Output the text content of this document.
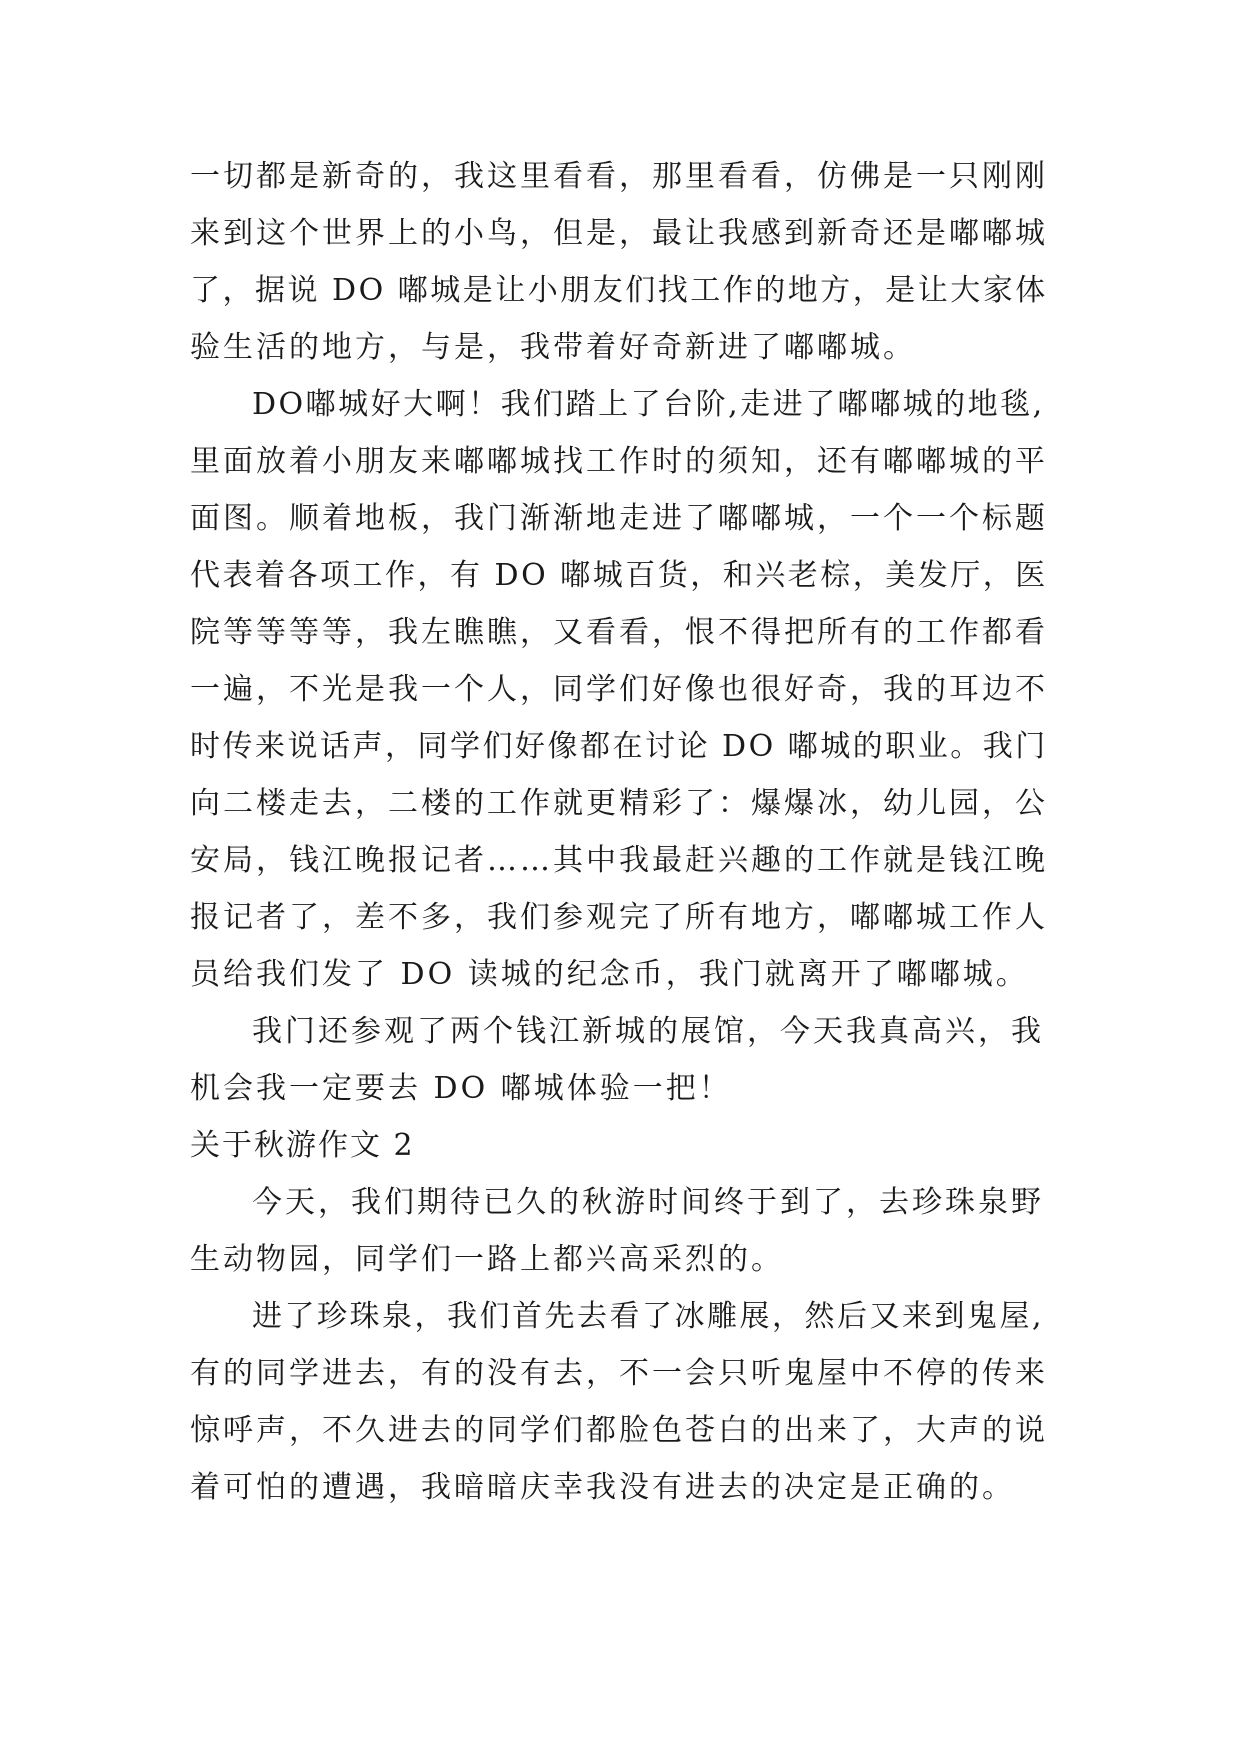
一切都是新奇的，我这里看看，那里看看，仿佛是一只刚刚
来到这个世界上的小鸟，但是，最让我感到新奇还是嘟嘟城
了，据说 DO 嘟城是让小朋友们找工作的地方，是让大家体
验生活的地方，与是，我带着好奇新进了嘟嘟城。
DO嘟城好大啊！我们踏上了台阶,走进了嘟嘟城的地毯,
里面放着小朋友来嘟嘟城找工作时的须知，还有嘟嘟城的平
面图。顺着地板，我门渐渐地走进了嘟嘟城，一个一个标题
代表着各项工作，有 DO 嘟城百货，和兴老棕，美发厅，医
院等等等等，我左瞧瞧，又看看，恨不得把所有的工作都看
一遍，不光是我一个人，同学们好像也很好奇，我的耳边不
时传来说话声，同学们好像都在讨论 DO 嘟城的职业。我门
向二楼走去，二楼的工作就更精彩了：爆爆冰，幼儿园，公
安局，钱江晚报记者……其中我最赶兴趣的工作就是钱江晚
报记者了，差不多，我们参观完了所有地方，嘟嘟城工作人
员给我们发了 DO 读城的纪念币，我门就离开了嘟嘟城。
我门还参观了两个钱江新城的展馆，今天我真高兴，我
机会我一定要去 DO 嘟城体验一把！
关于秋游作文 2
今天，我们期待已久的秋游时间终于到了，去珍珠泉野
生动物园，同学们一路上都兴高采烈的。
进了珍珠泉，我们首先去看了冰雕展，然后又来到鬼屋,
有的同学进去，有的没有去，不一会只听鬼屋中不停的传来
惊呼声，不久进去的同学们都脸色苍白的出来了，大声的说
着可怕的遭遇，我暗暗庆幸我没有进去的决定是正确的。
